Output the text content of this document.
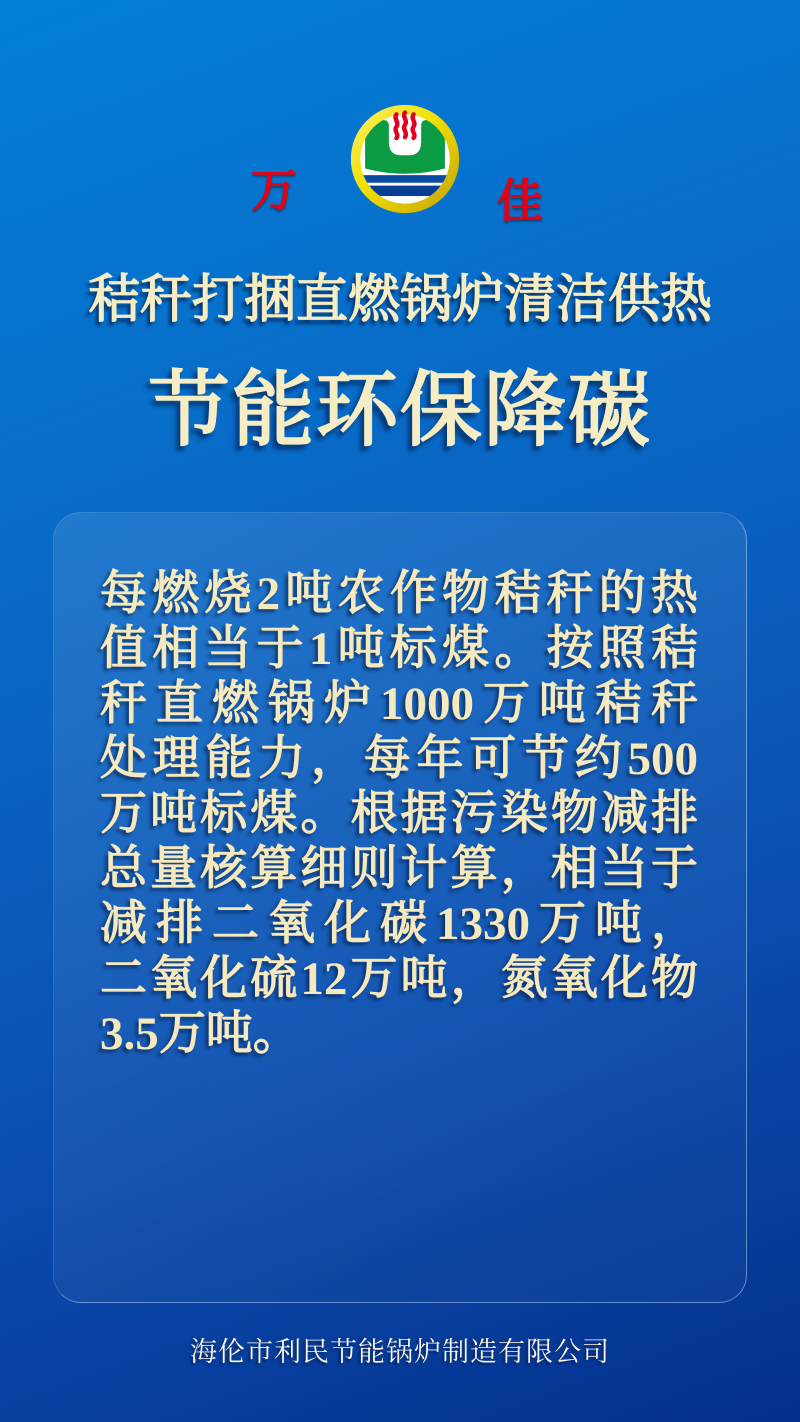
万	佳
秸秆打捆直燃锅炉清洁供热
节能环保降碳
每燃烧2吨农作物秸秆的热
值相当于1吨标煤。按照秸
秆直燃锅炉1000万吨秸秆
处理能力，每年可节约500
万吨标煤。根据污染物减排
总量核算细则计算，相当于
减排二氧化碳1330万吨，
二氧化硫12万吨，氮氧化物
3.5万吨。
海伦市利民节能锅炉制造有限公司
